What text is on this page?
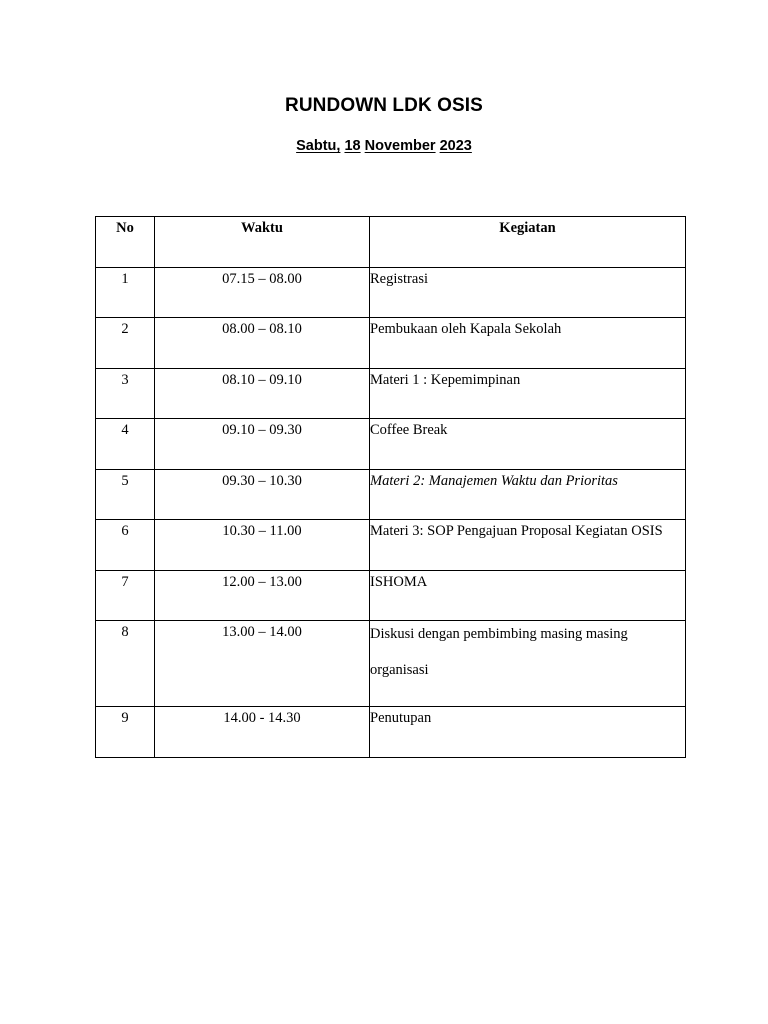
RUNDOWN LDK OSIS
Sabtu, 18 November 2023
No	Waktu	Kegiatan
1	07.15 – 08.00	Registrasi
2	08.00 – 08.10	Pembukaan oleh Kapala Sekolah
3	08.10 – 09.10	Materi 1 : Kepemimpinan
4	09.10 – 09.30	Coffee Break
5	09.30 – 10.30	Materi 2: Manajemen Waktu dan Prioritas
6	10.30 – 11.00	Materi 3: SOP Pengajuan Proposal Kegiatan OSIS
7	12.00 – 13.00	ISHOMA
8	13.00 – 14.00	Diskusi dengan pembimbing masing masing
organisasi

9	14.00 - 14.30	Penutupan
